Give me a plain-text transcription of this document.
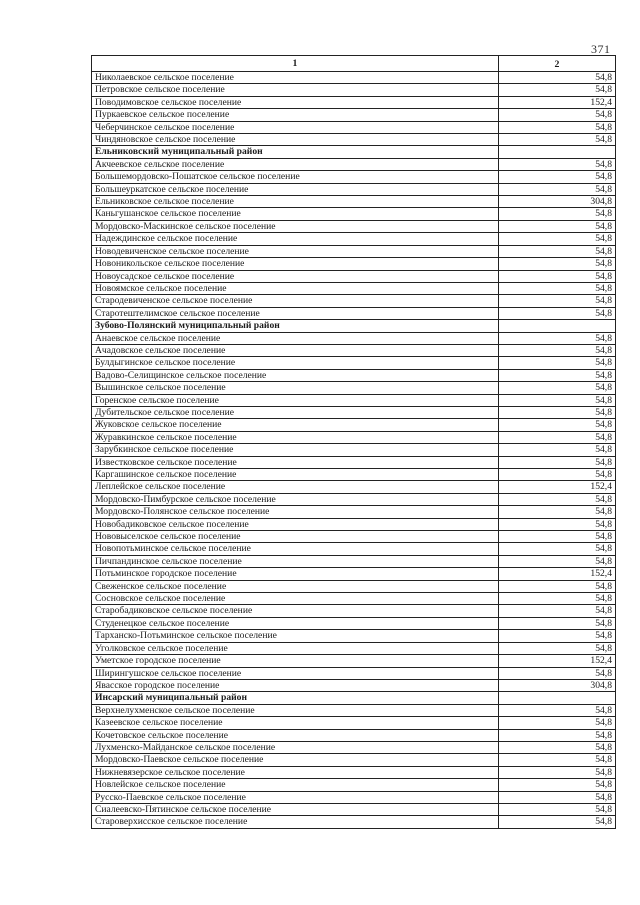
371
1	2
Николаевское сельское поселение	54,8
Петровское сельское поселение	54,8
Поводимовское сельское поселение	152,4
Пуркаевское сельское поселение	54,8
Чеберчинское сельское поселение	54,8
Чиндяновское сельское поселение	54,8
Ельниковский муниципальный район	
Акчеевское сельское поселение	54,8
Большемордовско-Пошатское сельское поселение	54,8
Большеуркатское сельское поселение	54,8
Ельниковское сельское поселение	304,8
Каньгушанское сельское поселение	54,8
Мордовско-Маскинское сельское поселение	54,8
Надеждинское сельское поселение	54,8
Новодевиченское сельское поселение	54,8
Новоникольское сельское поселение	54,8
Новоусадское сельское поселение	54,8
Новоямское сельское поселение	54,8
Стародевиченское сельское поселение	54,8
Старотештелимское сельское поселение	54,8
Зубово-Полянский муниципальный район	
Анаевское сельское поселение	54,8
Ачадовское сельское поселение	54,8
Булдыгинское сельское поселение	54,8
Вадово-Селищинское сельское поселение	54,8
Вышинское сельское поселение	54,8
Горенское сельское поселение	54,8
Дубительское сельское поселение	54,8
Жуковское сельское поселение	54,8
Журавкинское сельское поселение	54,8
Зарубкинское сельское поселение	54,8
Известковское сельское поселение	54,8
Каргашинское сельское поселение	54,8
Леплейское сельское поселение	152,4
Мордовско-Пимбурское сельское поселение	54,8
Мордовско-Полянское сельское поселение	54,8
Новобадиковское сельское поселение	54,8
Нововыселское сельское поселение	54,8
Новопотьминское сельское поселение	54,8
Пичпандинское сельское поселение	54,8
Потьминское городское поселение	152,4
Свеженское сельское поселение	54,8
Сосновское сельское поселение	54,8
Старобадиковское сельское поселение	54,8
Студенецкое сельское поселение	54,8
Тарханско-Потьминское сельское поселение	54,8
Уголковское сельское поселение	54,8
Уметское городское поселение	152,4
Ширингушское сельское поселение	54,8
Явасское городское поселение	304,8
Инсарский муниципальный район	
Верхнелухменское сельское поселение	54,8
Казеевское сельское поселение	54,8
Кочетовское сельское поселение	54,8
Лухменско-Майданское сельское поселение	54,8
Мордовско-Паевское сельское поселение	54,8
Нижневязерское сельское поселение	54,8
Новлейское сельское поселение	54,8
Русско-Паевское сельское поселение	54,8
Сиалеевско-Пятинское сельское поселение	54,8
Староверхисское сельское поселение	54,8
